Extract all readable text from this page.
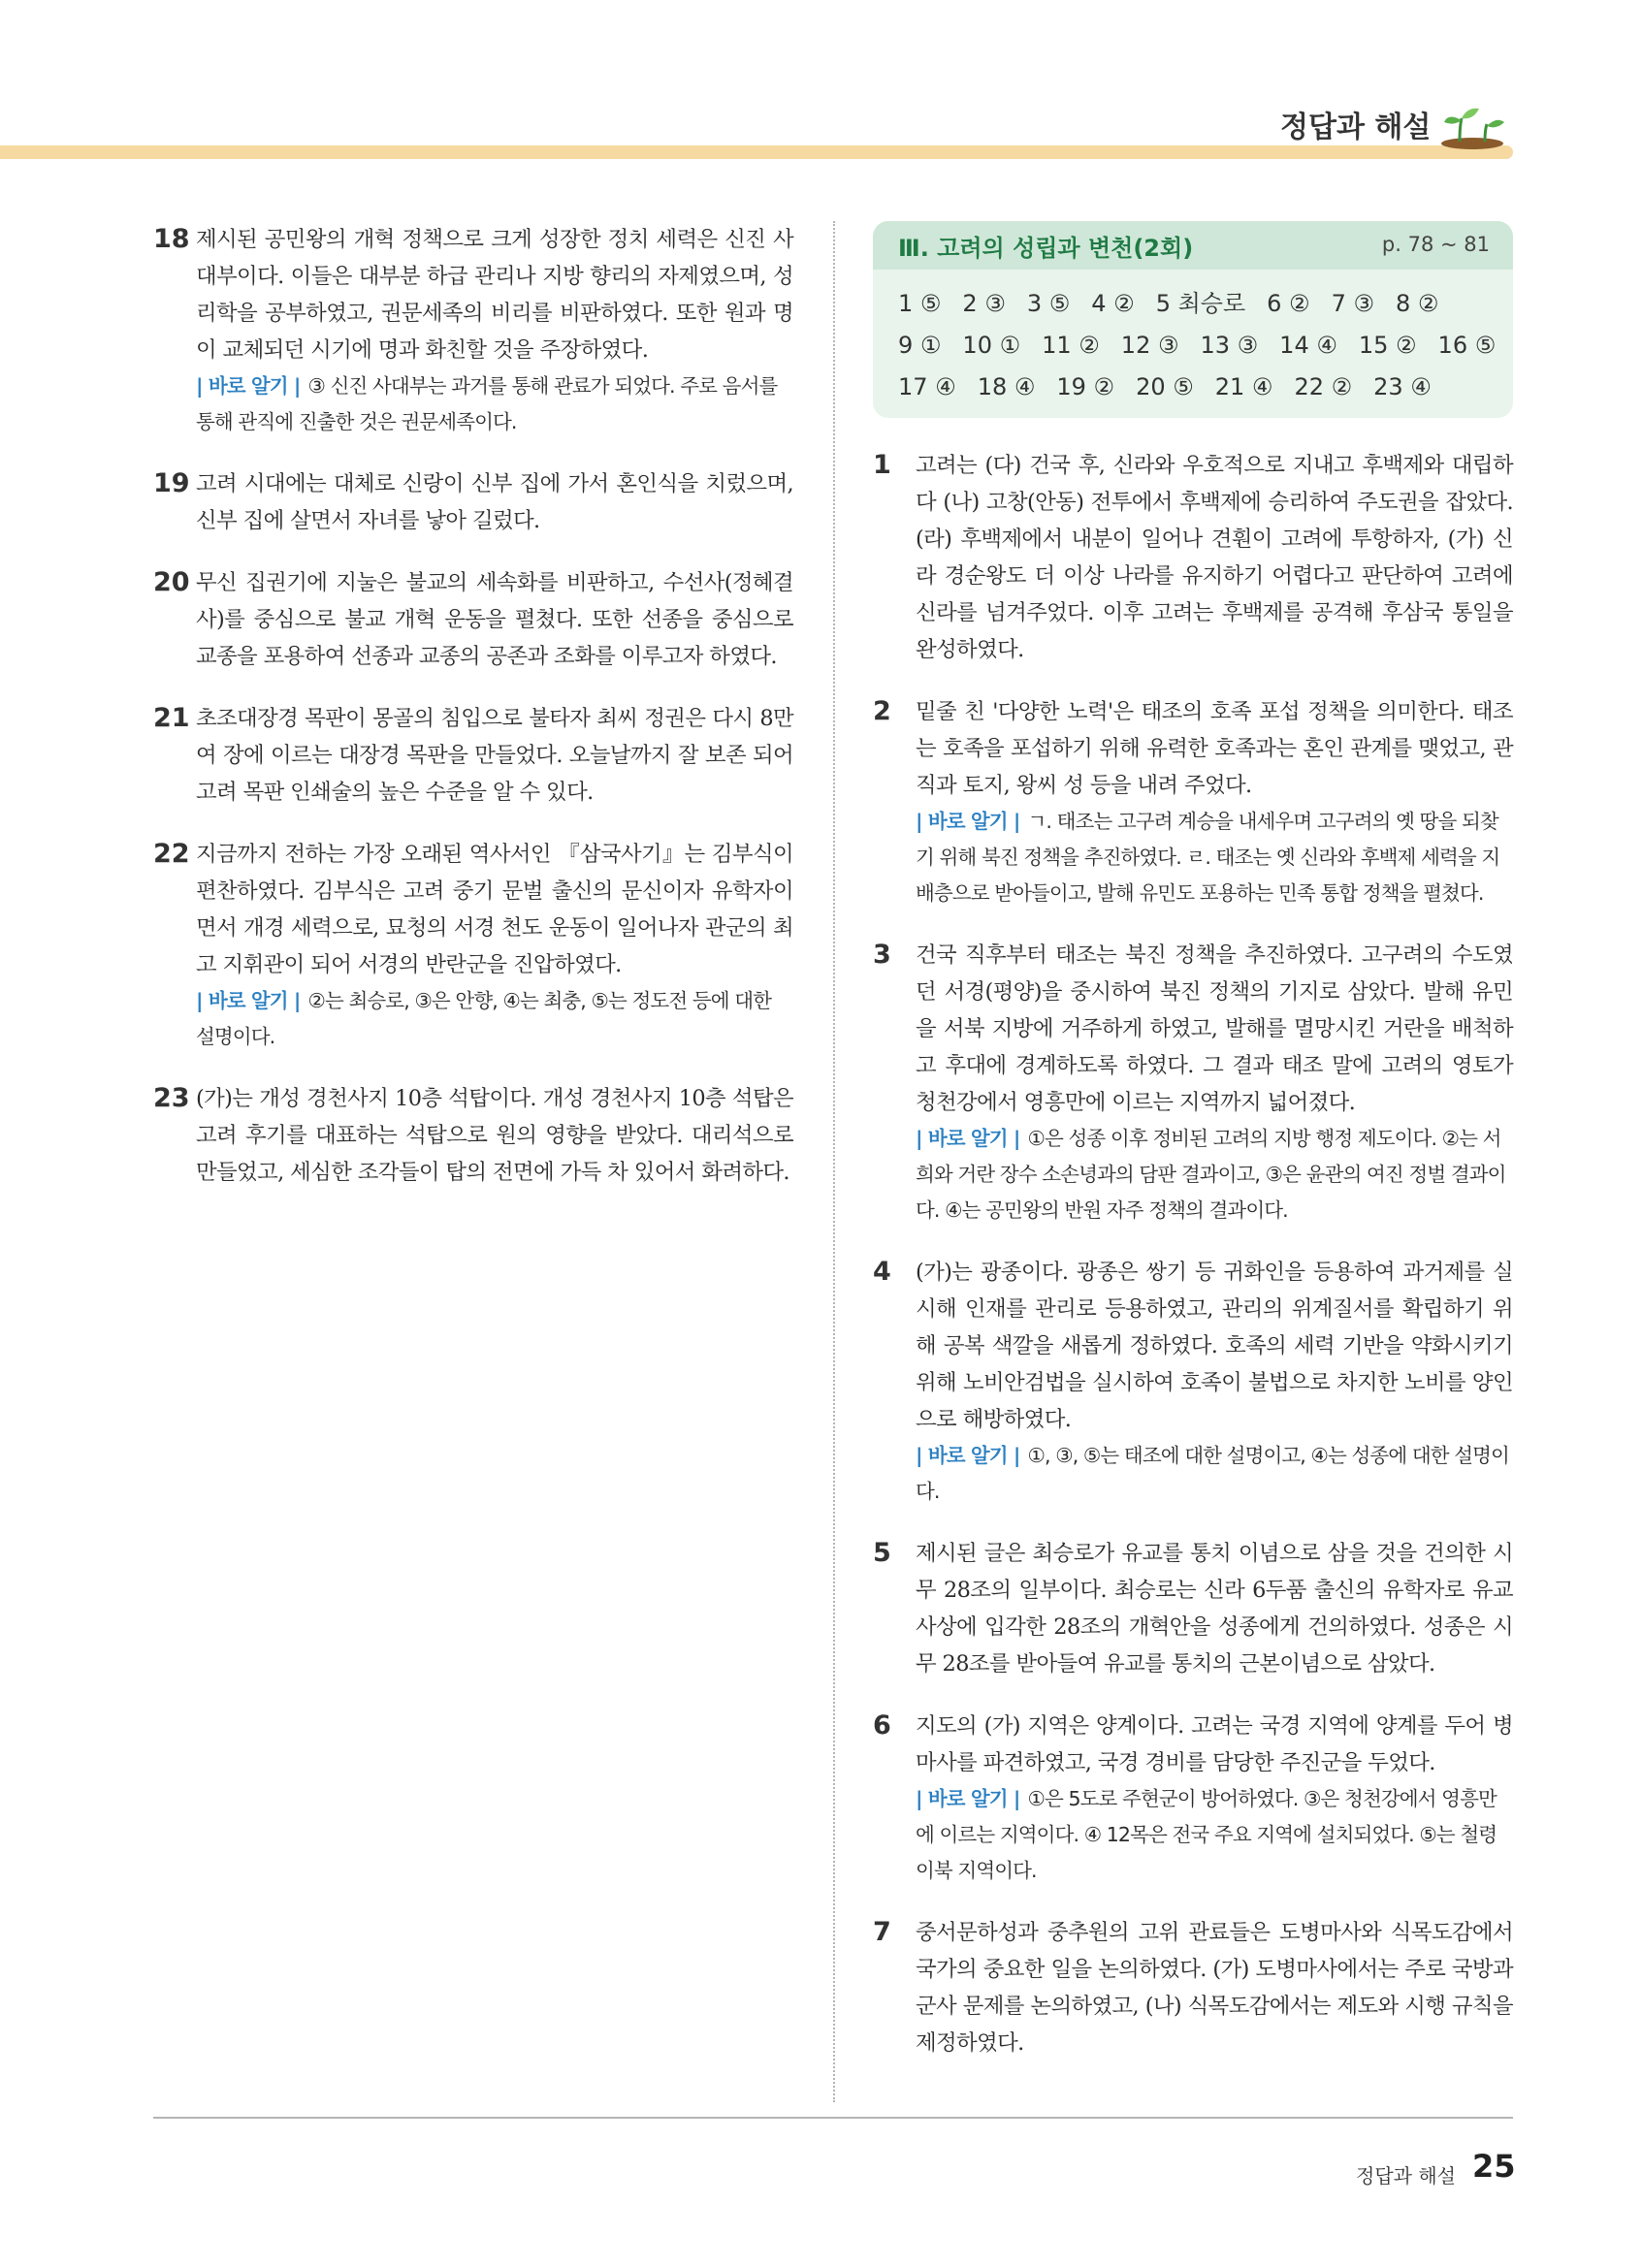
정답과 해설
18 제시된 공민왕의 개혁 정책으로 크게 성장한 정치 세력은 신진 사대부이다. 이들은 대부분 하급 관리나 지방 향리의 자제였으며, 성리학을 공부하였고, 권문세족의 비리를 비판하였다. 또한 원과 명이 교체되던 시기에 명과 화친할 것을 주장하였다.
| 바로 알기 | ③ 신진 사대부는 과거를 통해 관료가 되었다. 주로 음서를 통해 관직에 진출한 것은 권문세족이다.
19 고려 시대에는 대체로 신랑이 신부 집에 가서 혼인식을 치렀으며, 신부 집에 살면서 자녀를 낳아 길렀다.
20 무신 집권기에 지눌은 불교의 세속화를 비판하고, 수선사(정혜결사)를 중심으로 불교 개혁 운동을 펼쳤다. 또한 선종을 중심으로 교종을 포용하여 선종과 교종의 공존과 조화를 이루고자 하였다.
21 초조대장경 목판이 몽골의 침입으로 불타자 최씨 정권은 다시 8만여 장에 이르는 대장경 목판을 만들었다. 오늘날까지 잘 보존 되어 고려 목판 인쇄술의 높은 수준을 알 수 있다.
22 지금까지 전하는 가장 오래된 역사서인 『삼국사기』는 김부식이 편찬하였다. 김부식은 고려 중기 문벌 출신의 문신이자 유학자이면서 개경 세력으로, 묘청의 서경 천도 운동이 일어나자 관군의 최고 지휘관이 되어 서경의 반란군을 진압하였다.
| 바로 알기 | ②는 최승로, ③은 안향, ④는 최충, ⑤는 정도전 등에 대한 설명이다.
23 (가)는 개성 경천사지 10층 석탑이다. 개성 경천사지 10층 석탑은 고려 후기를 대표하는 석탑으로 원의 영향을 받았다. 대리석으로 만들었고, 세심한 조각들이 탑의 전면에 가득 차 있어서 화려하다.
Ⅲ. 고려의 성립과 변천(2회)	p. 78 ~ 81
1 ⑤ 2 ③ 3 ⑤ 4 ② 5 최승로 6 ② 7 ③ 8 ②
9 ① 10 ① 11 ② 12 ③ 13 ③ 14 ④ 15 ② 16 ⑤
17 ④ 18 ④ 19 ② 20 ⑤ 21 ④ 22 ② 23 ④
1 고려는 (다) 건국 후, 신라와 우호적으로 지내고 후백제와 대립하다 (나) 고창(안동) 전투에서 후백제에 승리하여 주도권을 잡았다. (라) 후백제에서 내분이 일어나 견훤이 고려에 투항하자, (가) 신라 경순왕도 더 이상 나라를 유지하기 어렵다고 판단하여 고려에 신라를 넘겨주었다. 이후 고려는 후백제를 공격해 후삼국 통일을 완성하였다.
2 밑줄 친 '다양한 노력'은 태조의 호족 포섭 정책을 의미한다. 태조는 호족을 포섭하기 위해 유력한 호족과는 혼인 관계를 맺었고, 관직과 토지, 왕씨 성 등을 내려 주었다.
| 바로 알기 | ㄱ. 태조는 고구려 계승을 내세우며 고구려의 옛 땅을 되찾기 위해 북진 정책을 추진하였다. ㄹ. 태조는 옛 신라와 후백제 세력을 지배층으로 받아들이고, 발해 유민도 포용하는 민족 통합 정책을 펼쳤다.
3 건국 직후부터 태조는 북진 정책을 추진하였다. 고구려의 수도였던 서경(평양)을 중시하여 북진 정책의 기지로 삼았다. 발해 유민을 서북 지방에 거주하게 하였고, 발해를 멸망시킨 거란을 배척하고 후대에 경계하도록 하였다. 그 결과 태조 말에 고려의 영토가 청천강에서 영흥만에 이르는 지역까지 넓어졌다.
| 바로 알기 | ①은 성종 이후 정비된 고려의 지방 행정 제도이다. ②는 서희와 거란 장수 소손녕과의 담판 결과이고, ③은 윤관의 여진 정벌 결과이다. ④는 공민왕의 반원 자주 정책의 결과이다.
4 (가)는 광종이다. 광종은 쌍기 등 귀화인을 등용하여 과거제를 실시해 인재를 관리로 등용하였고, 관리의 위계질서를 확립하기 위해 공복 색깔을 새롭게 정하였다. 호족의 세력 기반을 약화시키기 위해 노비안검법을 실시하여 호족이 불법으로 차지한 노비를 양인으로 해방하였다.
| 바로 알기 | ①, ③, ⑤는 태조에 대한 설명이고, ④는 성종에 대한 설명이다.
5 제시된 글은 최승로가 유교를 통치 이념으로 삼을 것을 건의한 시무 28조의 일부이다. 최승로는 신라 6두품 출신의 유학자로 유교 사상에 입각한 28조의 개혁안을 성종에게 건의하였다. 성종은 시무 28조를 받아들여 유교를 통치의 근본이념으로 삼았다.
6 지도의 (가) 지역은 양계이다. 고려는 국경 지역에 양계를 두어 병마사를 파견하였고, 국경 경비를 담당한 주진군을 두었다.
| 바로 알기 | ①은 5도로 주현군이 방어하였다. ③은 청천강에서 영흥만에 이르는 지역이다. ④ 12목은 전국 주요 지역에 설치되었다. ⑤는 철령 이북 지역이다.
7 중서문하성과 중추원의 고위 관료들은 도병마사와 식목도감에서 국가의 중요한 일을 논의하였다. (가) 도병마사에서는 주로 국방과 군사 문제를 논의하였고, (나) 식목도감에서는 제도와 시행 규칙을 제정하였다.
정답과 해설 25
